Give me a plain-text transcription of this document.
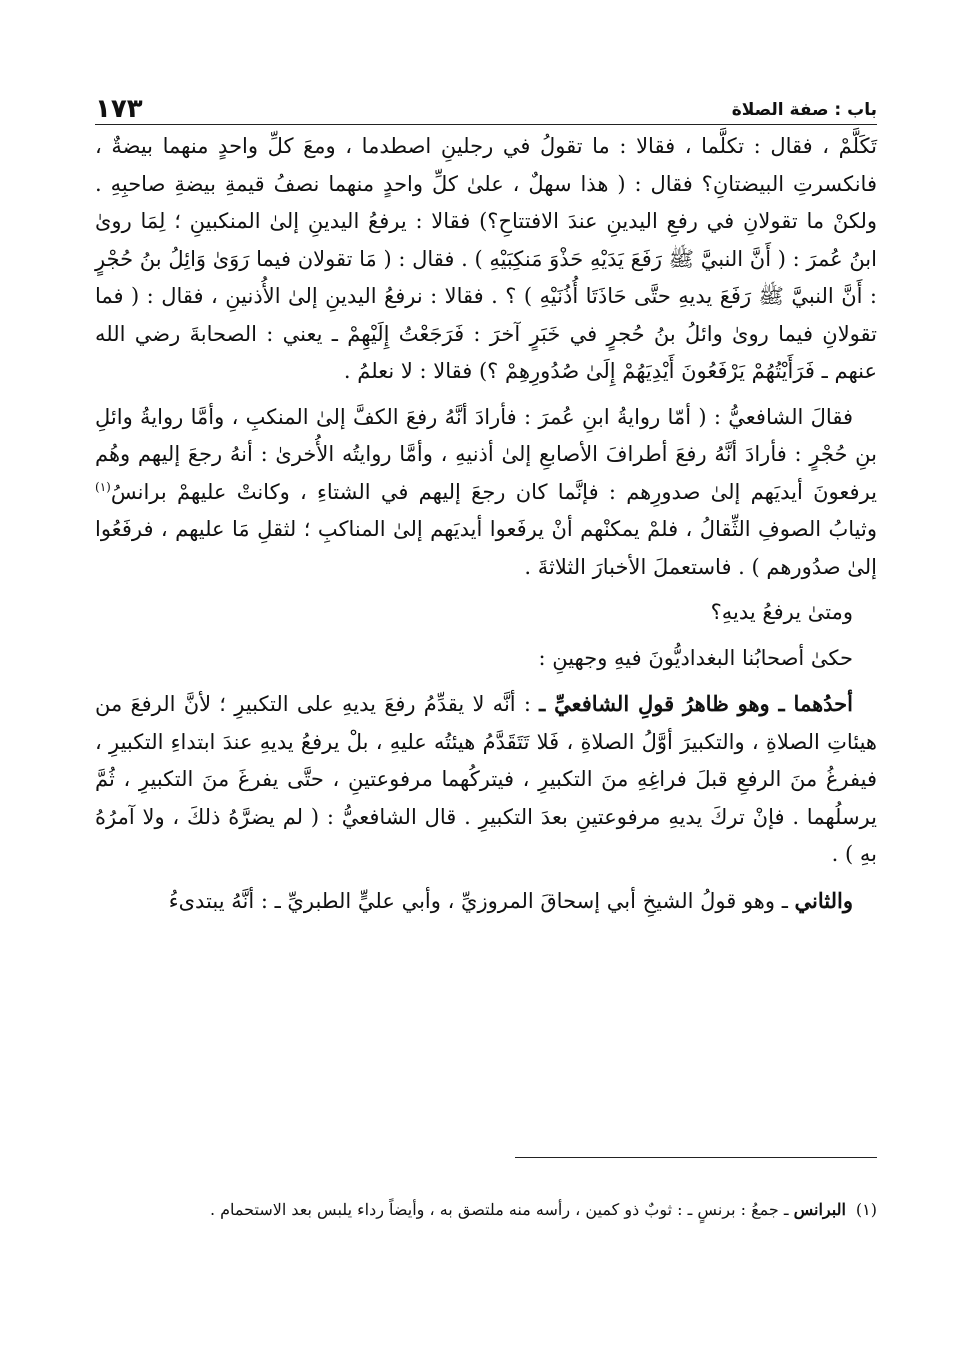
باب : صفة الصلاة
١٧٣

تَكَلَّمْ ، فقال : تكلَّما ، فقالا : ما تقولُ في رجلينِ اصطدما ، ومعَ كلِّ واحدٍ منهما بيضةٌ ، فانكسرتِ البيضتانِ؟ فقال : ( هذا سهلٌ ، علىٰ كلِّ واحدٍ منهما نصفُ قيمةِ بيضةِ صاحبِهِ . ولكنْ ما تقولانِ في رفعِ اليدينِ عندَ الافتتاحِ؟) فقالا : يرفعُ اليدينِ إلىٰ المنكبينِ ؛ لِمَا روىٰ ابنُ عُمرَ : ( أَنَّ النبيَّ ﷺ رَفَعَ يَدَيْهِ حَذْوَ مَنكِبَيْهِ ) . فقال : ( مَا تقولان فيما رَوَىٰ وَائِلُ بنُ حُجْرٍ : أَنَّ النبيَّ ﷺ رَفَعَ يديهِ حتَّى حَاذَتَا أُذُنَيْهِ ) ؟ . فقالا : نرفعُ اليدينِ إلىٰ الأُذنينِ ، فقال : ( فما تقولانِ فيما روىٰ وائلُ بنُ حُجرٍ في خَبَرٍ آخرَ : فَرَجَعْتُ إِلَيْهِمْ ـ يعني : الصحابةَ رضي الله عنهم ـ فَرَأَيْتُهُمْ يَرْفَعُونَ أَيْدِيَهُمْ إِلَىٰ صُدُورِهِمْ ؟) فقالا : لا نعلمُ .

فقالَ الشافعيُّ : ( أمّا روايةُ ابنِ عُمرَ : فأرادَ أنَّهُ رفعَ الكفَّ إلىٰ المنكبِ ، وأمَّا روايةُ وائلِ بنِ حُجْرٍ : فأرادَ أنَّهُ رفعَ أطرافَ الأصابعِ إلىٰ أذنيهِ ، وأمَّا روايتُه الأُخرىٰ : أنهُ رجعَ إليهم وهُم يرفعونَ أيديَهم إلىٰ صدورِهم : فإنَّما كان رجعَ إليهم في الشتاءِ ، وكانتْ عليهمْ برانسُ$^{(١)}$ وثيابُ الصوفِ الثِّقالُ ، فلمْ يمكنْهم أنْ يرفَعوا أيديَهم إلىٰ المناكبِ ؛ لثقلِ مَا عليهم ، فرفَعُوا إلىٰ صدُورهم ) . فاستعملَ الأخبارَ الثلاثةَ .

ومتىٰ يرفعُ يديهِ؟

حكىٰ أصحابُنا البغداديُّونَ فيهِ وجهينِ :

أحدُهما ـ وهو ظاهرُ قولِ الشافعيِّ ـ : أنَّه لا يقدِّمُ رفعَ يديهِ على التكبيرِ ؛ لأنَّ الرفعَ من هيئاتِ الصلاةِ ، والتكبيرَ أوَّلُ الصلاةِ ، فَلا تَتَقَدَّمُ هيئتُه عليهِ ، بلْ يرفعُ يديهِ عندَ ابتداءِ التكبيرِ ، فيفرغُ منَ الرفعِ قبلَ فراغِهِ منَ التكبيرِ ، فيتركُهما مرفوعتينِ ، حتَّى يفرغَ منَ التكبيرِ ، ثُمَّ يرسلُهما . فإنْ تركَ يديهِ مرفوعتينِ بعدَ التكبيرِ . قال الشافعيُّ : ( لم يضرَّهُ ذلكَ ، ولا آمرُهُ بهِ ) .

والثاني ـ وهو قولُ الشيخِ أبي إسحاقَ المروزيِّ ، وأبي عليٍّ الطبريِّ ـ : أنَّهُ يبتدىءُ

(١)البرانس ـ جمعُ : برنسٍ ـ : ثوبٌ ذو كمين ، رأسه منه ملتصق به ، وأيضاً رداء يلبس بعد الاستحمام .
